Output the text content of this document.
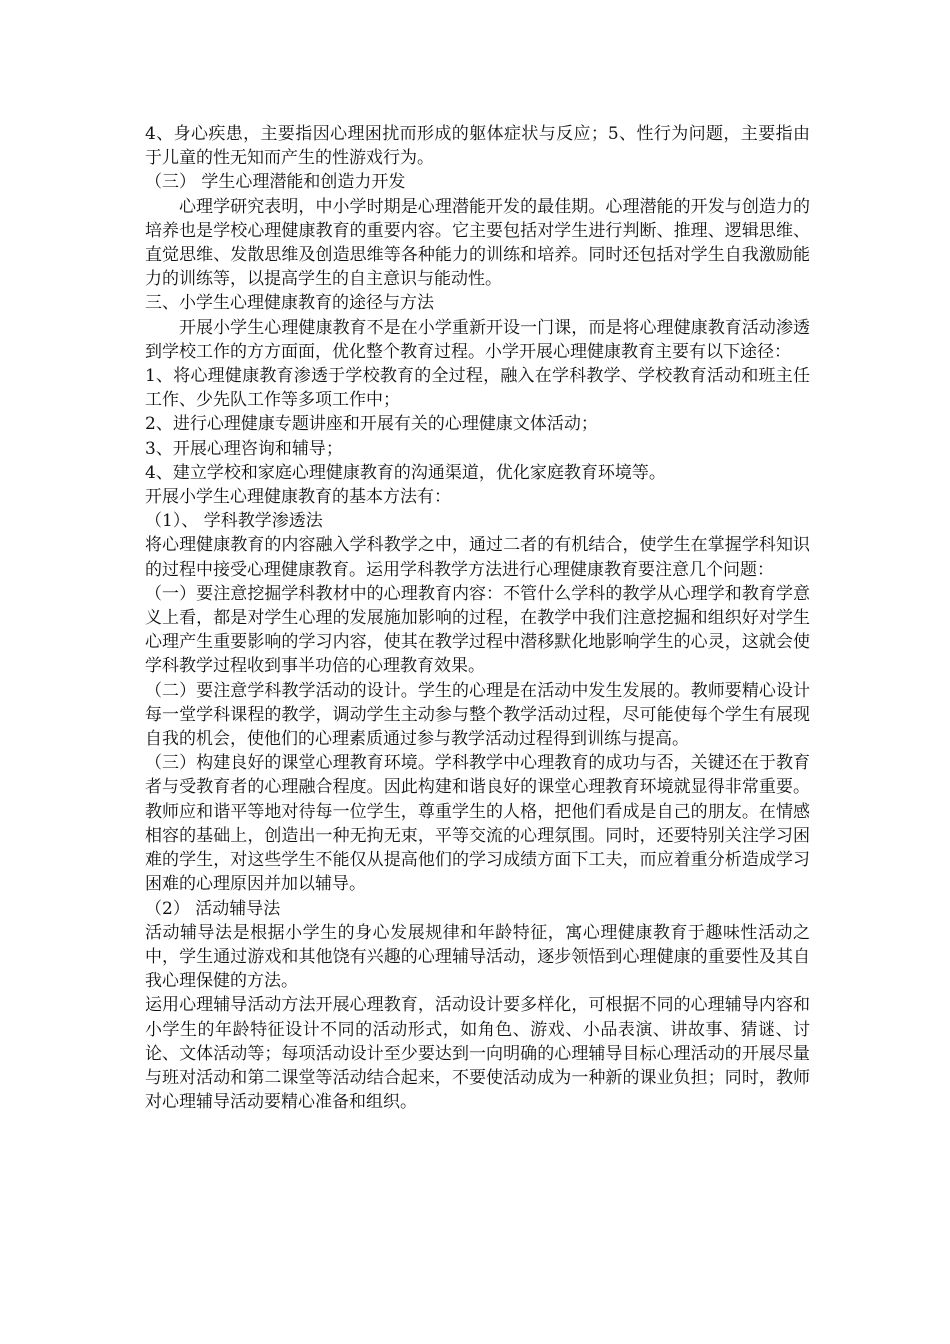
4、身心疾患，主要指因心理困扰而形成的躯体症状与反应；5、性行为问题，主要指由于儿童的性无知而产生的性游戏行为。

（三） 学生心理潜能和创造力开发

心理学研究表明，中小学时期是心理潜能开发的最佳期。心理潜能的开发与创造力的培养也是学校心理健康教育的重要内容。它主要包括对学生进行判断、推理、逻辑思维、直觉思维、发散思维及创造思维等各种能力的训练和培养。同时还包括对学生自我激励能力的训练等，以提高学生的自主意识与能动性。

三、小学生心理健康教育的途径与方法

开展小学生心理健康教育不是在小学重新开设一门课，而是将心理健康教育活动渗透到学校工作的方方面面，优化整个教育过程。小学开展心理健康教育主要有以下途径：

1、将心理健康教育渗透于学校教育的全过程，融入在学科教学、学校教育活动和班主任工作、少先队工作等多项工作中；

2、进行心理健康专题讲座和开展有关的心理健康文体活动；

3、开展心理咨询和辅导；

4、建立学校和家庭心理健康教育的沟通渠道，优化家庭教育环境等。

开展小学生心理健康教育的基本方法有：

（1）、 学科教学渗透法

将心理健康教育的内容融入学科教学之中，通过二者的有机结合，使学生在掌握学科知识的过程中接受心理健康教育。运用学科教学方法进行心理健康教育要注意几个问题：

（一）要注意挖掘学科教材中的心理教育内容：不管什么学科的教学从心理学和教育学意义上看，都是对学生心理的发展施加影响的过程，在教学中我们注意挖掘和组织好对学生心理产生重要影响的学习内容，使其在教学过程中潜移默化地影响学生的心灵，这就会使学科教学过程收到事半功倍的心理教育效果。

（二）要注意学科教学活动的设计。学生的心理是在活动中发生发展的。教师要精心设计每一堂学科课程的教学，调动学生主动参与整个教学活动过程，尽可能使每个学生有展现自我的机会，使他们的心理素质通过参与教学活动过程得到训练与提高。

（三）构建良好的课堂心理教育环境。学科教学中心理教育的成功与否，关键还在于教育者与受教育者的心理融合程度。因此构建和谐良好的课堂心理教育环境就显得非常重要。教师应和谐平等地对待每一位学生，尊重学生的人格，把他们看成是自己的朋友。在情感相容的基础上，创造出一种无拘无束，平等交流的心理氛围。同时，还要特别关注学习困难的学生，对这些学生不能仅从提高他们的学习成绩方面下工夫，而应着重分析造成学习困难的心理原因并加以辅导。

（2） 活动辅导法

活动辅导法是根据小学生的身心发展规律和年龄特征，寓心理健康教育于趣味性活动之中，学生通过游戏和其他饶有兴趣的心理辅导活动，逐步领悟到心理健康的重要性及其自我心理保健的方法。

运用心理辅导活动方法开展心理教育，活动设计要多样化，可根据不同的心理辅导内容和小学生的年龄特征设计不同的活动形式，如角色、游戏、小品表演、讲故事、猜谜、讨论、文体活动等；每项活动设计至少要达到一向明确的心理辅导目标心理活动的开展尽量与班对活动和第二课堂等活动结合起来，不要使活动成为一种新的课业负担；同时，教师对心理辅导活动要精心准备和组织。
